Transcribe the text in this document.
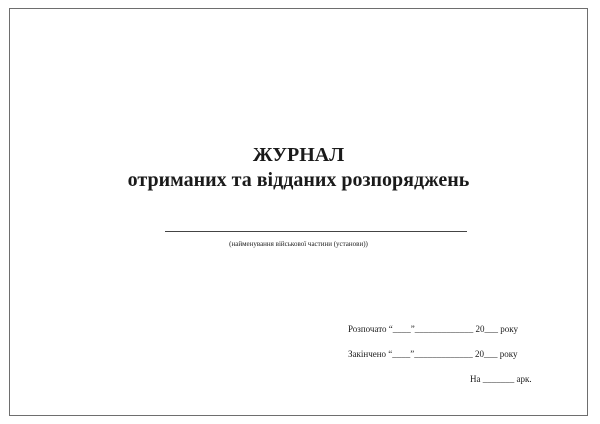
ЖУРНАЛ
отриманих та відданих розпоряджень
(найменування військової частини (установи))
Розпочато “____”_____________ 20___ року
Закінчено “____”_____________ 20___ року
На _______ арк.
